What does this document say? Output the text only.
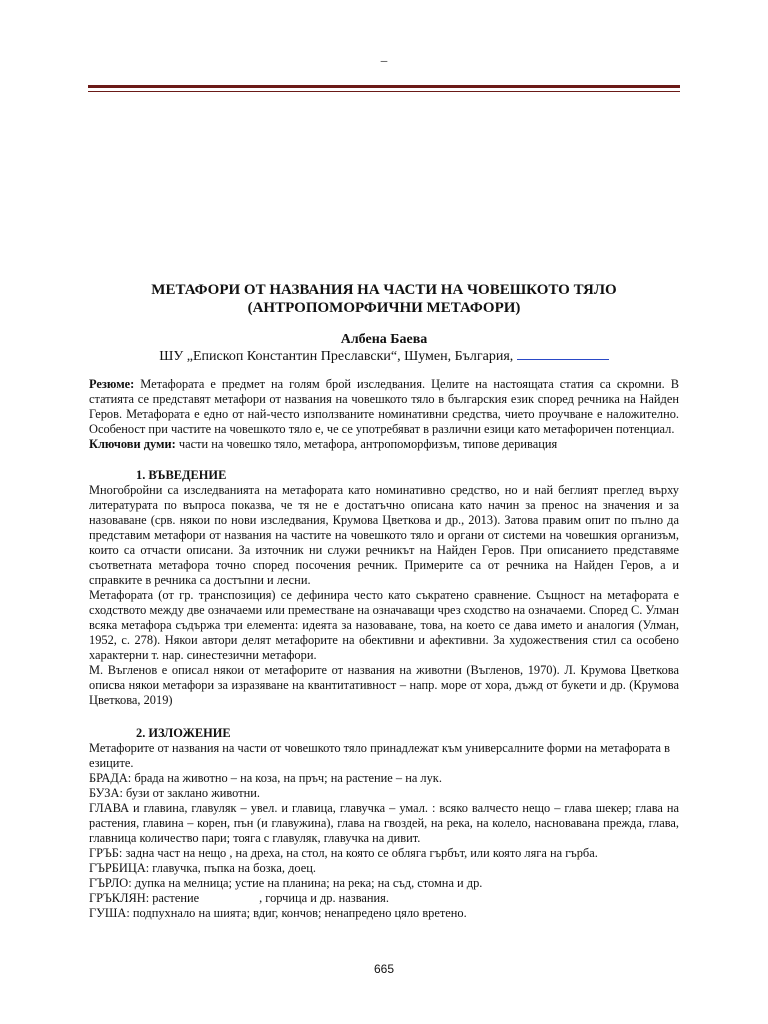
_
МЕТАФОРИ ОТ НАЗВАНИЯ НА ЧАСТИ НА ЧОВЕШКОТО ТЯЛО
(АНТРОПОМОРФИЧНИ МЕТАФОРИ)
Албена Баева
ШУ „Епископ Константин Преславски“, Шумен, България,

Резюме: Метафората е предмет на голям брой изследвания. Целите на настоящата статия са скромни. В статията се представят метафори от названия на човешкото тяло в българския език според речника на Найден Геров. Метафората е едно от най-често използваните номинативни средства, чието проучване е наложително. Особеност при частите на човешкото тяло е, че се употребяват в различни езици като метафоричен потенциал.

Ключови думи: части на човешко тяло, метафора, антропоморфизъм, типове деривация

1. ВЪВЕДЕНИЕ

Многобройни са изследванията на метафората като номинативно средство, но и най беглият преглед върху литературата по въпроса показва, че тя не е достатъчно описана като начин за пренос на значения и за назоваване (срв. някои по нови изследвания, Крумова Цветкова и др., 2013). Затова правим опит по пълно да представим метафори от названия на частите на човешкото тяло и органи от системи на човешкия организъм, които са отчасти описани. За източник ни служи речникът на Найден Геров. При описанието представяме съответната метафора точно според посочения речник. Примерите са от речника на Найден Геров, а и справките в речника са достъпни и лесни.

Метафората (от гр. транспозиция) се дефинира често като съкратено сравнение. Същност на метафората е сходството между две означаеми или преместване на означаващи чрез сходство на означаеми. Според С. Улман всяка метафора съдържа три елемента: идеята за назоваване, това, на което се дава името и аналогия (Улман, 1952, с. 278). Някои автори делят метафорите на обективни и афективни. За художествения стил са особено характерни т. нар. синестезични метафори.

М. Въгленов е описал някои от метафорите от названия на животни (Въгленов, 1970). Л. Крумова Цветкова описва някои метафори за изразяване на квантитативност – напр. море от хора, дъжд от букети и др. (Крумова Цветкова, 2019)

2. ИЗЛОЖЕНИЕ

Метафорите от названия на части от човешкото тяло принадлежат към универсалните форми на метафората в езиците.

БРАДА: брада на животно – на коза, на пръч; на растение – на лук.

БУЗА: бузи от заклано животни.

ГЛАВА и главина, главуляк – увел. и главица, главучка – умал. : всяко валчесто нещо – глава шекер; глава на растения, главина – корен, пън (и главужина), глава на гвоздей, на река, на колело, насновавана прежда, глава, главница количество пари; тояга с главуляк, главучка на дивит.

ГРЪБ: задна част на нещо , на дреха, на стол, на която се обляга гърбът, или която ляга на гърба.

ГЪРБИЦА: главучка, пъпка на бозка, доец.

ГЪРЛО: дупка на мелница; устие на планина; на река; на съд, стомна и др.

ГРЪКЛЯН: растение	, горчица и др. названия.

ГУША: подпухнало на шията; вдиг, кончов; ненапредено цяло вретено.

665
